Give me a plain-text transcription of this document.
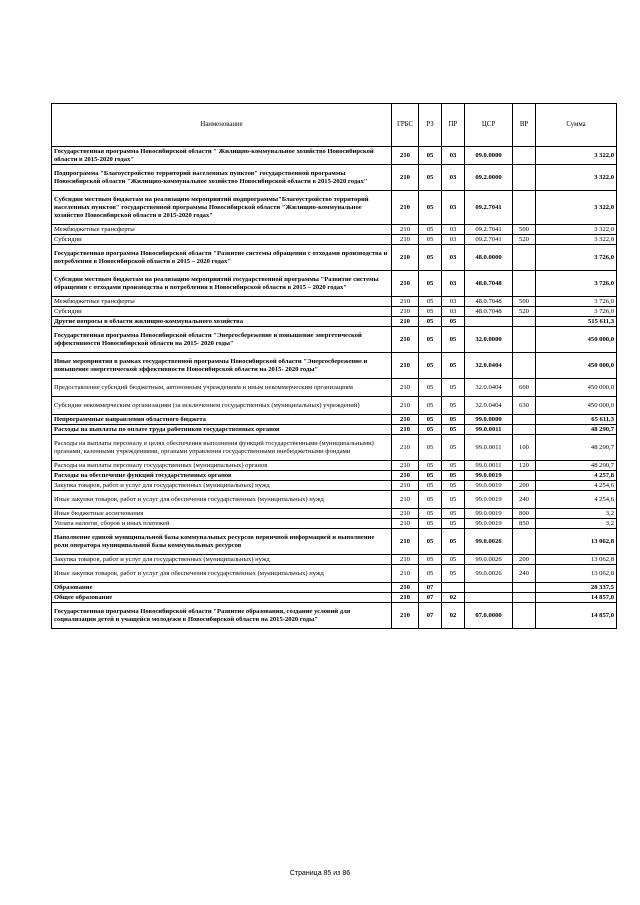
Наименование	ГРБС	РЗ	ПР	ЦСР	ВР	Сумма
Государственная программа Новосибирской области " Жилищно-коммунальное хозяйство Новосибирской области в 2015-2020 годах"	210	05	03	09.0.0000		3 322,0
Подпрограмма "Благоустройство территорий населенных пунктов" государственной программы Новосибирской области "Жилищно-коммунальное хозяйство Новосибирской области в 2015-2020 годах"	210	05	03	09.2.0000		3 322,0
Субсидии местным бюджетам на реализацию мероприятий подпрограммы"Благоустройство территорий населенных пунктов" государственной программы Новосибирской области "Жилищно-коммунальное хозяйство Новосибирской области в 2015-2020 годах"	210	05	03	09.2.7041		3 322,0
Межбюджетные трансферты	210	05	03	09.2.7041	500	3 322,0
Субсидии	210	05	03	09.2.7041	520	3 322,0
Государственная программа Новосибирской области "Развитие системы обращения с отходами производства и потребления в Новосибирской области в 2015 – 2020 годах"	210	05	03	48.0.0000		3 726,0
Субсидии местным бюджетам на реализацию мероприятий государственной программы "Развитие системы обращения с отходами производства и потребления в Новосибирской области в 2015 – 2020 годах"	210	05	03	48.0.7048		3 726,0
Межбюджетные трансферты	210	05	03	48.0.7048	500	3 726,0
Субсидии	210	05	03	48.0.7048	520	3 726,0
Другие вопросы в области жилищно-коммунального хозяйства	210	05	05			515 611,3
Государственная программа Новосибирской области "Энергосбережение и повышение энергетической эффективности Новосибирской области на 2015- 2020 годы"	210	05	05	32.0.0000		450 000,0
Иные мероприятия в рамках государственной программы Новосибирской области "Энергосбережение и повышение энергетической эффективности Новосибирской области на 2015- 2020 годы"	210	05	05	32.0.0404		450 000,0
Предоставление субсидий бюджетным, автономным учреждениям и иным некоммерческим организациям	210	05	05	32.0.0404	600	450 000,0
Субсидии некоммерческим организациям (за исключением государственных (муниципальных) учреждений)	210	05	05	32.0.0404	630	450 000,0
Непрограммные направления областного бюджета	210	05	05	99.0.0000		65 611,3
Расходы на выплаты по оплате труда работников государственных органов	210	05	05	99.0.0011		48 290,7
Расходы на выплаты персоналу в целях обеспечения выполнения функций государственными (муниципальными) органами, казенными учреждениями, органами управления государственными внебюджетными фондами	210	05	05	99.0.0011	100	48 290,7
Расходы на выплаты персоналу государственных (муниципальных) органов	210	05	05	99.0.0011	120	48 290,7
Расходы на обеспечение функций государственных органов	210	05	05	99.0.0019		4 257,8
Закупка товаров, работ и услуг для государственных (муниципальных) нужд	210	05	05	99.0.0019	200	4 254,6
Иные закупки товаров, работ и услуг для обеспечения государственных (муниципальных) нужд	210	05	05	99.0.0019	240	4 254,6
Иные бюджетные ассигнования	210	05	05	99.0.0019	800	3,2
Уплата налогов, сборов и иных платежей	210	05	05	99.0.0019	850	3,2
Наполнение единой муниципальной базы коммунальных ресурсов первичной информацией и выполнение роли оператора муниципальной базы коммунальных ресурсов	210	05	05	99.0.0026		13 062,8
Закупка товаров, работ и услуг для государственных (муниципальных) нужд	210	05	05	99.0.0026	200	13 062,8
Иные закупки товаров, работ и услуг для обеспечения государственных (муниципальных) нужд	210	05	05	99.0.0026	240	13 062,8
Образование	210	07				28 337,5
Общее образование	210	07	02			14 857,0
Государственная программа Новосибирской области "Развитие образования, создание условий для социализации детей и учащейся молодежи в Новосибирской области на 2015-2020 годы"	210	07	02	07.0.0000		14 857,0
Страница 85 из 86
